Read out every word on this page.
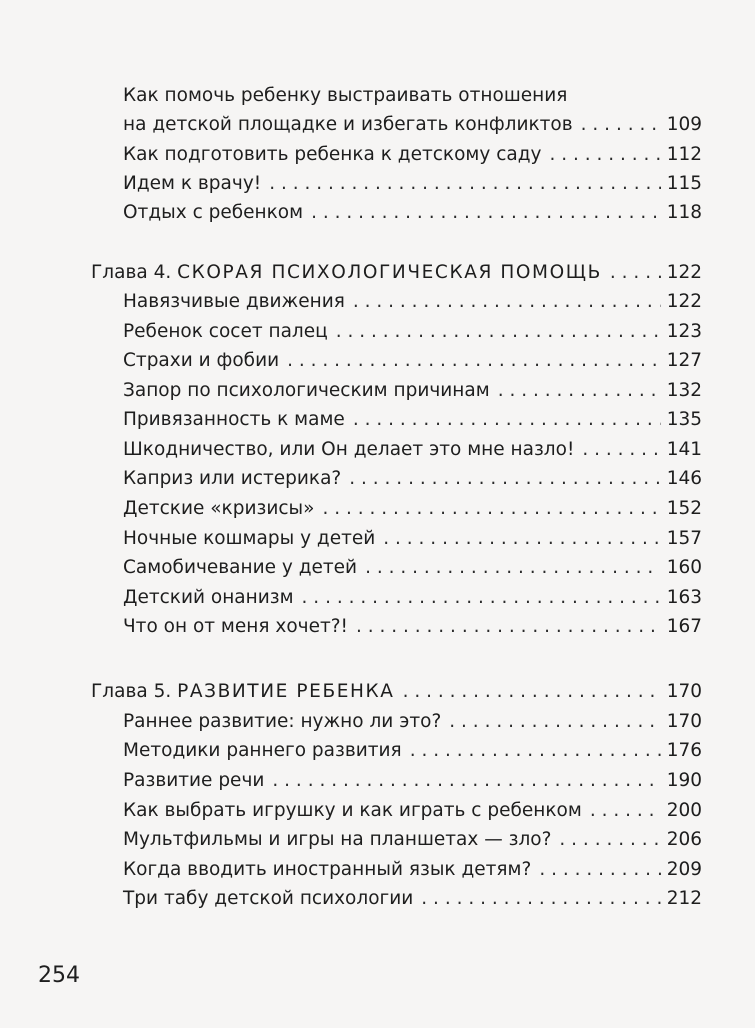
Как помочь ребенку выстраивать отношения
на детской площадке и избегать конфликтов . . .	109
Как подготовить ребенка к детскому саду . . .	112
Идем к врачу! . . .	115
Отдых с ребенком . . .	118
Глава 4. СКОРАЯ ПСИХОЛОГИЧЕСКАЯ ПОМОЩЬ . . .	122
Навязчивые движения . . .	122
Ребенок сосет палец . . .	123
Страхи и фобии . . .	127
Запор по психологическим причинам . . .	132
Привязанность к маме . . .	135
Шкодничество, или Он делает это мне назло! . . .	141
Каприз или истерика? . . .	146
Детские «кризисы» . . .	152
Ночные кошмары у детей . . .	157
Самобичевание у детей . . .	160
Детский онанизм . . .	163
Что он от меня хочет?! . . .	167
Глава 5. РАЗВИТИЕ РЕБЕНКА . . .	170
Раннее развитие: нужно ли это? . . .	170
Методики раннего развития . . .	176
Развитие речи . . .	190
Как выбрать игрушку и как играть с ребенком . . .	200
Мультфильмы и игры на планшетах — зло? . . .	206
Когда вводить иностранный язык детям? . . .	209
Три табу детской психологии . . .	212
254
